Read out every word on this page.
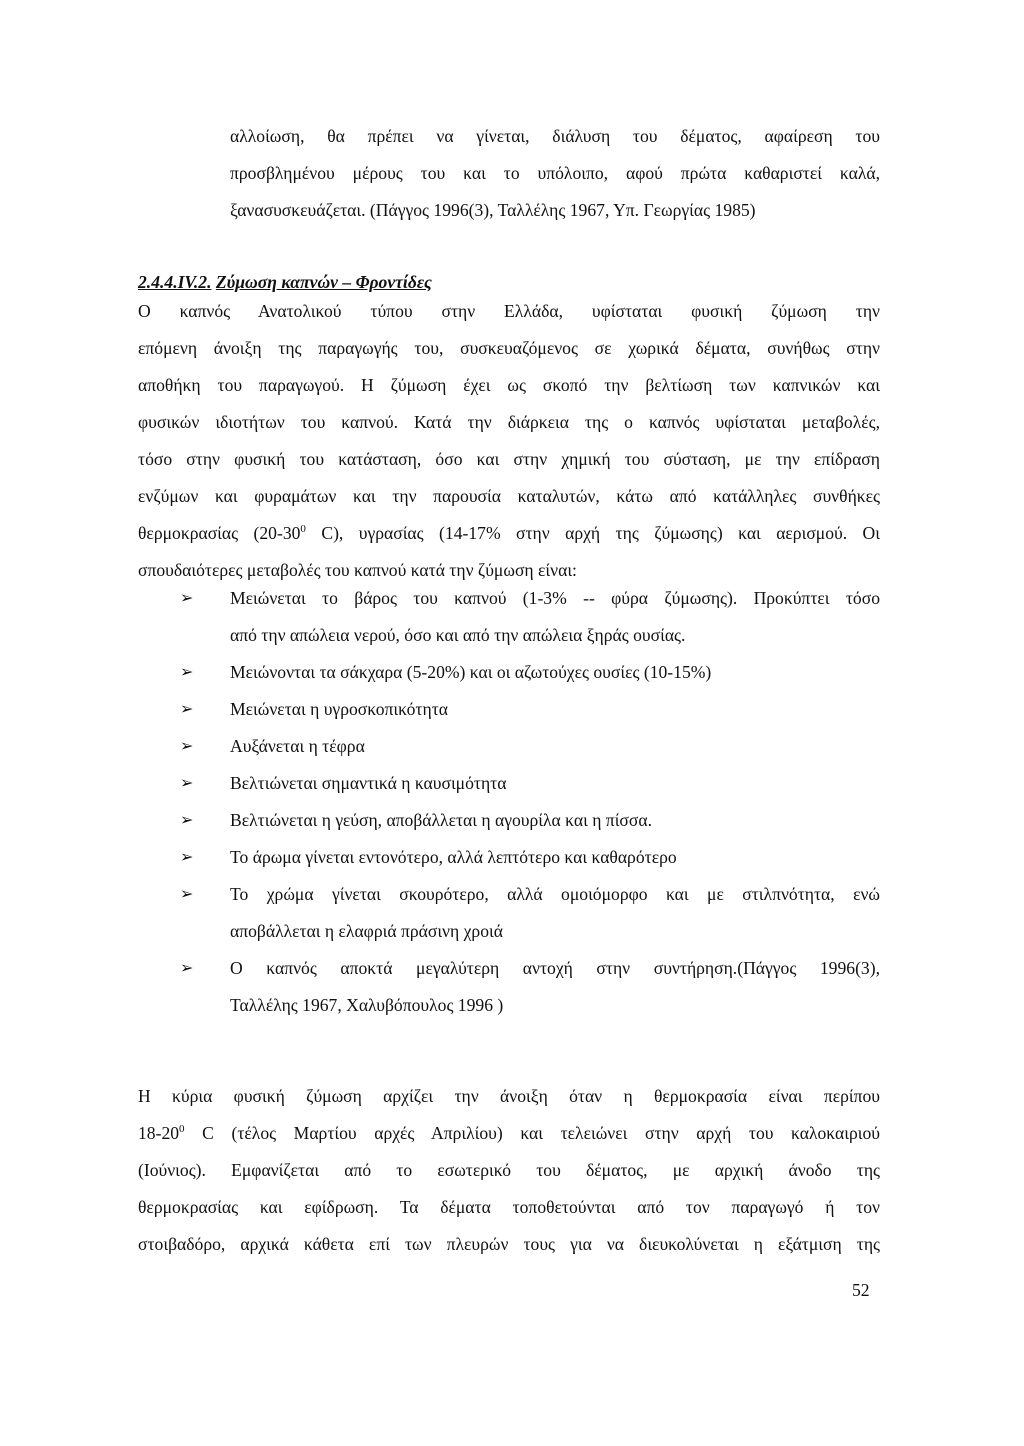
αλλοίωση, θα πρέπει να γίνεται, διάλυση του δέματος, αφαίρεση του
προσβλημένου μέρους του και το υπόλοιπο, αφού πρώτα καθαριστεί καλά,
ξανασυσκευάζεται. (Πάγγος 1996(3), Ταλλέλης 1967, Υπ. Γεωργίας 1985)
2.4.4.IV.2. Ζύμωση καπνών – Φροντίδες
Ο καπνός Ανατολικού τύπου στην Ελλάδα, υφίσταται φυσική ζύμωση την
επόμενη άνοιξη της παραγωγής του, συσκευαζόμενος σε χωρικά δέματα, συνήθως στην
αποθήκη του παραγωγού. Η ζύμωση έχει ως σκοπό την βελτίωση των καπνικών και
φυσικών ιδιοτήτων του καπνού. Κατά την διάρκεια της ο καπνός υφίσταται μεταβολές,
τόσο στην φυσική του κατάσταση, όσο και στην χημική του σύσταση, με την επίδραση
ενζύμων και φυραμάτων και την παρουσία καταλυτών, κάτω από κατάλληλες συνθήκες
θερμοκρασίας ($20-30^0$ C), υγρασίας (14-17% στην αρχή της ζύμωσης) και αερισμού. Οι
σπουδαιότερες μεταβολές του καπνού κατά την ζύμωση είναι:
➢	Μειώνεται το βάρος του καπνού (1-3% -- φύρα ζύμωσης). Προκύπτει τόσο
από την απώλεια νερού, όσο και από την απώλεια ξηράς ουσίας.
➢	Μειώνονται τα σάκχαρα (5-20%) και οι αζωτούχες ουσίες (10-15%)
➢	Μειώνεται η υγροσκοπικότητα
➢	Αυξάνεται η τέφρα
➢	Βελτιώνεται σημαντικά η καυσιμότητα
➢	Βελτιώνεται η γεύση, αποβάλλεται η αγουρίλα και η πίσσα.
➢	Το άρωμα γίνεται εντονότερο, αλλά λεπτότερο και καθαρότερο
➢	Το χρώμα γίνεται σκουρότερο, αλλά ομοιόμορφο και με στιλπνότητα, ενώ
αποβάλλεται η ελαφριά πράσινη χροιά
➢	Ο καπνός αποκτά μεγαλύτερη αντοχή στην συντήρηση.(Πάγγος 1996(3),
Ταλλέλης 1967, Χαλυβόπουλος 1996 )
Η κύρια φυσική ζύμωση αρχίζει την άνοιξη όταν η θερμοκρασία είναι περίπου
$18-20^0$ C (τέλος Μαρτίου αρχές Απριλίου) και τελειώνει στην αρχή του καλοκαιριού
(Ιούνιος). Εμφανίζεται από το εσωτερικό του δέματος, με αρχική άνοδο της
θερμοκρασίας και εφίδρωση. Τα δέματα τοποθετούνται από τον παραγωγό ή τον
στοιβαδόρο, αρχικά κάθετα επί των πλευρών τους για να διευκολύνεται η εξάτμιση της
52
